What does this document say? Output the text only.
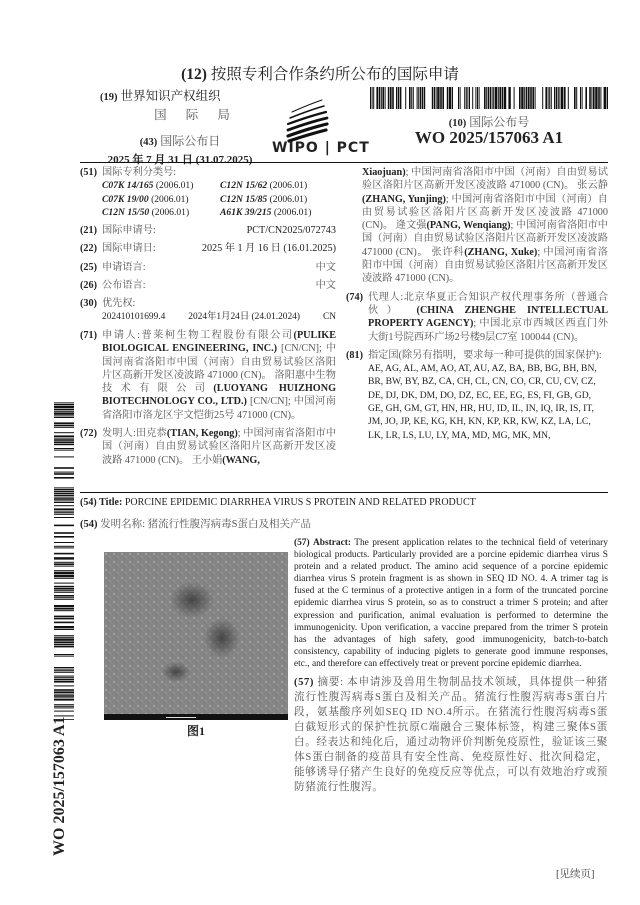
(12) 按照专利合作条约所公布的国际申请
(19) 世界知识产权组织
国 际 局
(43) 国际公布日
2025 年 7 月 31 日 (31.07.2025)
WIPO | PCT
(10) 国际公布号
WO 2025/157063 A1
(51) 国际专利分类号:
C07K 14/165 (2006.01)	C12N 15/62 (2006.01)
C07K 19/00 (2006.01)	C12N 15/85 (2006.01)
C12N 15/50 (2006.01)	A61K 39/215 (2006.01)
(21) 国际申请号:	PCT/CN2025/072743
(22) 国际申请日:	2025 年 1 月 16 日 (16.01.2025)
(25) 申请语言:	中文
(26) 公布语言:	中文
(30) 优先权:
202410101699.4 2024年1月24日 (24.01.2024) CN
(71) 申请人:普莱柯生物工程股份有限公司(PULIKE BIOLOGICAL ENGINEERING, INC.) [CN/CN]; 中国河南省洛阳市中国（河南）自由贸易试验区洛阳片区高新开发区凌波路 471000 (CN)。 洛阳惠中生物技术有限公司(LUOYANG HUIZHONG BIOTECHNOLOGY CO., LTD.) [CN/CN]; 中国河南省洛阳市洛龙区宇文恺街25号 471000 (CN)。
(72) 发明人:田克恭(TIAN, Kegong); 中国河南省洛阳市中国（河南）自由贸易试验区洛阳片区高新开发区凌波路 471000 (CN)。 王小娟(WANG,
Xiaojuan); 中国河南省洛阳市中国（河南）自由贸易试验区洛阳片区高新开发区凌波路 471000 (CN)。 张云静(ZHANG, Yunjing); 中国河南省洛阳市中国（河南）自由贸易试验区洛阳片区高新开发区凌波路 471000 (CN)。 逄文强(PANG, Wenqiang); 中国河南省洛阳市中国（河南）自由贸易试验区洛阳片区高新开发区凌波路 471000 (CN)。 张许科(ZHANG, Xuke); 中国河南省洛阳市中国（河南）自由贸易试验区洛阳片区高新开发区凌波路 471000 (CN)。
(74) 代理人:北京华夏正合知识产权代理事务所（普通合伙） (CHINA ZHENGHE INTELLECTUAL PROPERTY AGENCY); 中国北京市西城区西直门外大街1号院西环广场2号楼9层C7室 100044 (CN)。
(81) 指定国(除另有指明，要求每一种可提供的国家保护): AE, AG, AL, AM, AO, AT, AU, AZ, BA, BB, BG, BH, BN, BR, BW, BY, BZ, CA, CH, CL, CN, CO, CR, CU, CV, CZ, DE, DJ, DK, DM, DO, DZ, EC, EE, EG, ES, FI, GB, GD, GE, GH, GM, GT, HN, HR, HU, ID, IL, IN, IQ, IR, IS, IT, JM, JO, JP, KE, KG, KH, KN, KP, KR, KW, KZ, LA, LC, LK, LR, LS, LU, LY, MA, MD, MG, MK, MN,
(54) Title: PORCINE EPIDEMIC DIARRHEA VIRUS S PROTEIN AND RELATED PRODUCT
(54) 发明名称: 猪流行性腹泻病毒S蛋白及相关产品
图1
(57) Abstract: The present application relates to the technical field of veterinary biological products. Particularly provided are a porcine epidemic diarrhea virus S protein and a related product. The amino acid sequence of a porcine epidemic diarrhea virus S protein fragment is as shown in SEQ ID NO. 4. A trimer tag is fused at the C terminus of a protective antigen in a form of the truncated porcine epidemic diarrhea virus S protein, so as to construct a trimer S protein; and after expression and purification, animal evaluation is performed to determine the immunogenicity. Upon verification, a vaccine prepared from the trimer S protein has the advantages of high safety, good immunogenicity, batch-to-batch consistency, capability of inducing piglets to generate good immune responses, etc., and therefore can effectively treat or prevent porcine epidemic diarrhea.
(57) 摘要: 本申请涉及兽用生物制品技术领域，具体提供一种猪流行性腹泻病毒S蛋白及相关产品。猪流行性腹泻病毒S蛋白片段，氨基酸序列如SEQ ID NO.4所示。在猪流行性腹泻病毒S蛋白截短形式的保护性抗原C端融合三聚体标签，构建三聚体S蛋白。经表达和纯化后，通过动物评价判断免疫原性，验证该三聚体S蛋白制备的疫苗具有安全性高、免疫原性好、批次间稳定，能够诱导仔猪产生良好的免疫反应等优点，可以有效地治疗或预防猪流行性腹泻。
WO 2025/157063 A1
[见续页]
